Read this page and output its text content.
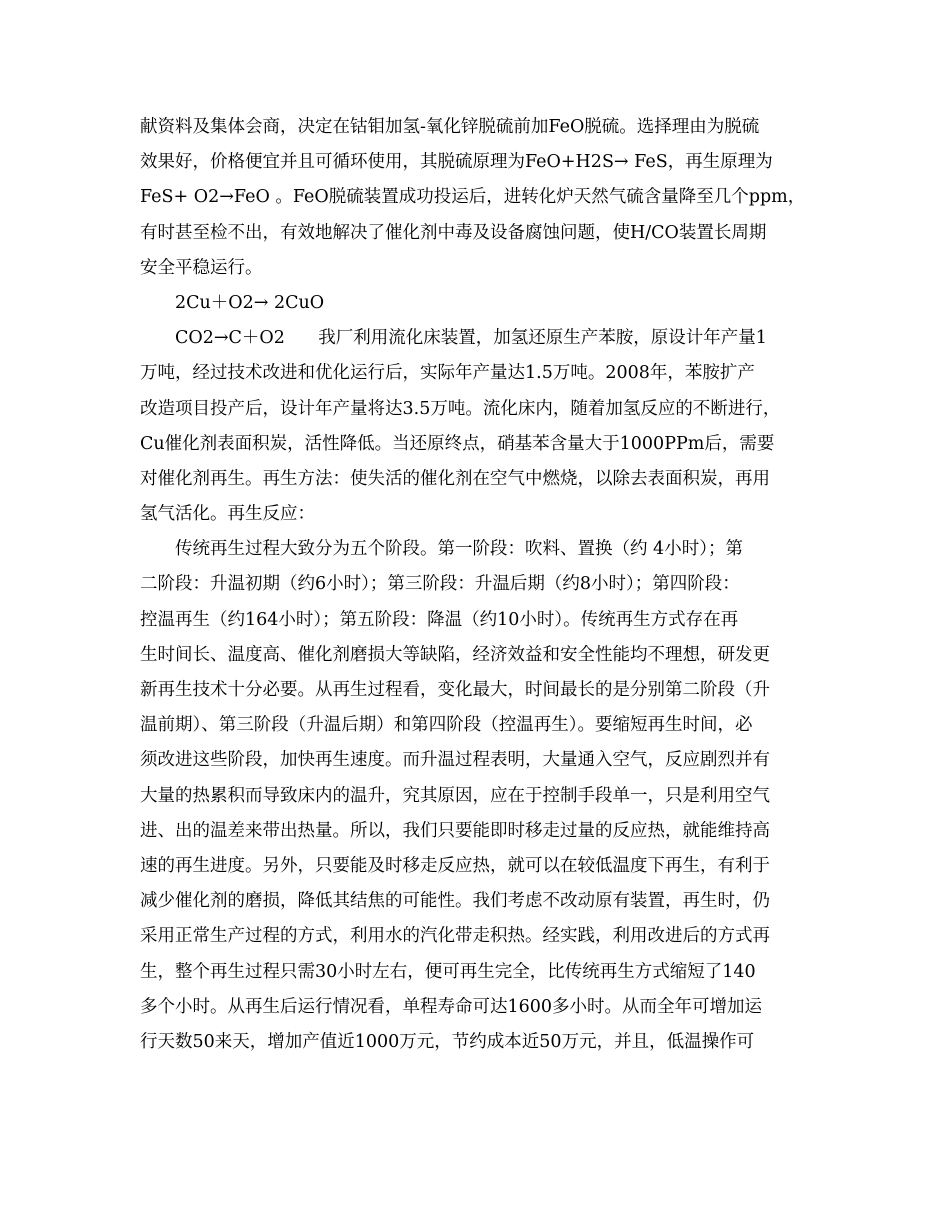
献资料及集体会商，决定在钴钼加氢-氧化锌脱硫前加FeO脱硫。选择理由为脱硫
效果好，价格便宜并且可循环使用，其脱硫原理为FeO+H2S→ FeS，再生原理为
FeS+ O2→FeO 。FeO脱硫装置成功投运后，进转化炉天然气硫含量降至几个ppm，
有时甚至检不出，有效地解决了催化剂中毒及设备腐蚀问题，使H/CO装置长周期
安全平稳运行。
2Cu＋O2→ 2CuO
CO2→C＋O2      我厂利用流化床装置，加氢还原生产苯胺，原设计年产量1
万吨，经过技术改进和优化运行后，实际年产量达1.5万吨。2008年，苯胺扩产
改造项目投产后，设计年产量将达3.5万吨。流化床内，随着加氢反应的不断进行，
Cu催化剂表面积炭，活性降低。当还原终点，硝基苯含量大于1000PPm后，需要
对催化剂再生。再生方法：使失活的催化剂在空气中燃烧，以除去表面积炭，再用
氢气活化。再生反应：
传统再生过程大致分为五个阶段。第一阶段：吹料、置换（约 4小时）；第
二阶段：升温初期（约6小时）；第三阶段：升温后期（约8小时）；第四阶段：
控温再生（约164小时）；第五阶段：降温（约10小时）。传统再生方式存在再
生时间长、温度高、催化剂磨损大等缺陷，经济效益和安全性能均不理想，研发更
新再生技术十分必要。从再生过程看，变化最大，时间最长的是分别第二阶段（升
温前期）、第三阶段（升温后期）和第四阶段（控温再生）。要缩短再生时间，必
须改进这些阶段，加快再生速度。而升温过程表明，大量通入空气，反应剧烈并有
大量的热累积而导致床内的温升，究其原因，应在于控制手段单一，只是利用空气
进、出的温差来带出热量。所以，我们只要能即时移走过量的反应热，就能维持高
速的再生进度。另外，只要能及时移走反应热，就可以在较低温度下再生，有利于
减少催化剂的磨损，降低其结焦的可能性。我们考虑不改动原有装置，再生时，仍
采用正常生产过程的方式，利用水的汽化带走积热。经实践，利用改进后的方式再
生，整个再生过程只需30小时左右，便可再生完全，比传统再生方式缩短了140
多个小时。从再生后运行情况看，单程寿命可达1600多小时。从而全年可增加运
行天数50来天，增加产值近1000万元，节约成本近50万元，并且，低温操作可
